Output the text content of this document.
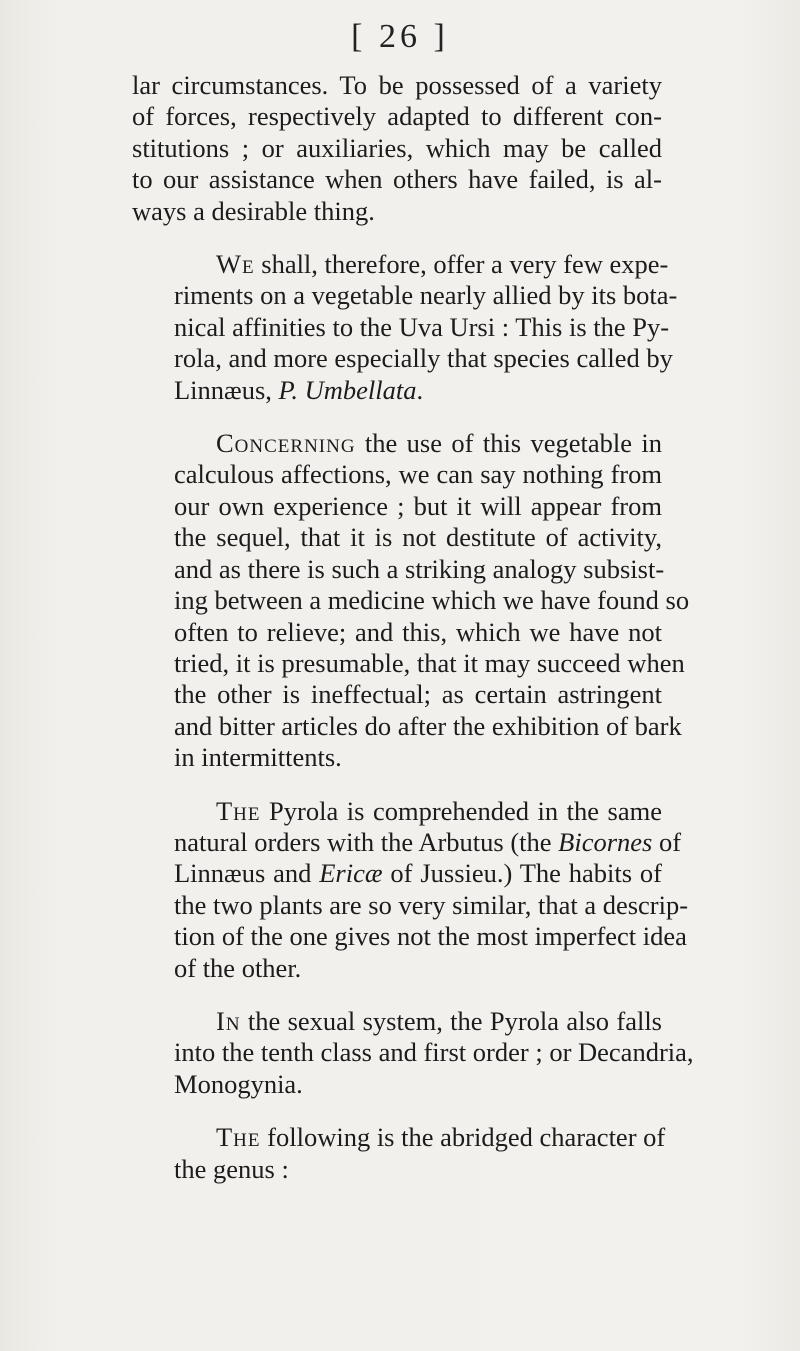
[ 26 ]

lar circumstances. To be possessed of a variety
of forces, respectively adapted to different con-
stitutions ; or auxiliaries, which may be called
to our assistance when others have failed, is al-
ways a desirable thing.

We shall, therefore, offer a very few expe-
riments on a vegetable nearly allied by its bota-
nical affinities to the Uva Ursi : This is the Py-
rola, and more especially that species called by
Linnæus, P. Umbellata.

Concerning the use of this vegetable in
calculous affections, we can say nothing from
our own experience ; but it will appear from
the sequel, that it is not destitute of activity,
and as there is such a striking analogy subsist-
ing between a medicine which we have found so
often to relieve; and this, which we have not
tried, it is presumable, that it may succeed when
the other is ineffectual; as certain astringent
and bitter articles do after the exhibition of bark
in intermittents.

The Pyrola is comprehended in the same
natural orders with the Arbutus (the Bicornes of
Linnæus and Ericæ of Jussieu.) The habits of
the two plants are so very similar, that a descrip-
tion of the one gives not the most imperfect idea
of the other.

In the sexual system, the Pyrola also falls
into the tenth class and first order ; or Decandria,
Monogynia.

The following is the abridged character of
the genus :
